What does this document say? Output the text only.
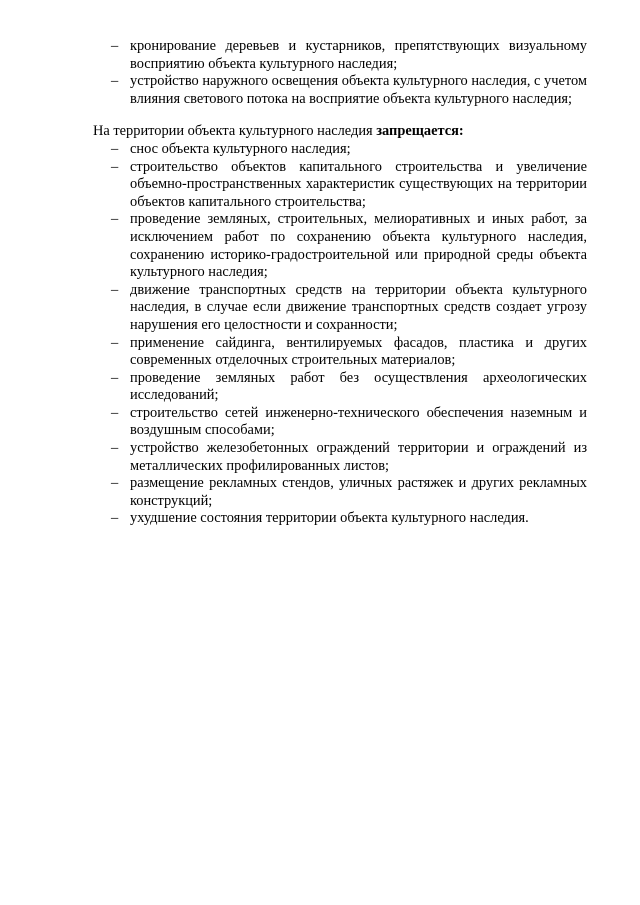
– кронирование деревьев и кустарников, препятствующих визуальному восприятию объекта культурного наследия;
– устройство наружного освещения объекта культурного наследия, с учетом влияния светового потока на восприятие объекта культурного наследия;

На территории объекта культурного наследия запрещается:

– снос объекта культурного наследия;
– строительство объектов капитального строительства и увеличение объемно-пространственных характеристик существующих на территории объектов капитального строительства;
– проведение земляных, строительных, мелиоративных и иных работ, за исключением работ по сохранению объекта культурного наследия, сохранению историко-градостроительной или природной среды объекта культурного наследия;
– движение транспортных средств на территории объекта культурного наследия, в случае если движение транспортных средств создает угрозу нарушения его целостности и сохранности;
– применение сайдинга, вентилируемых фасадов, пластика и других современных отделочных строительных материалов;
– проведение земляных работ без осуществления археологических исследований;
– строительство сетей инженерно-технического обеспечения наземным и воздушным способами;
– устройство железобетонных ограждений территории и ограждений из металлических профилированных листов;
– размещение рекламных стендов, уличных растяжек и других рекламных конструкций;
– ухудшение состояния территории объекта культурного наследия.
